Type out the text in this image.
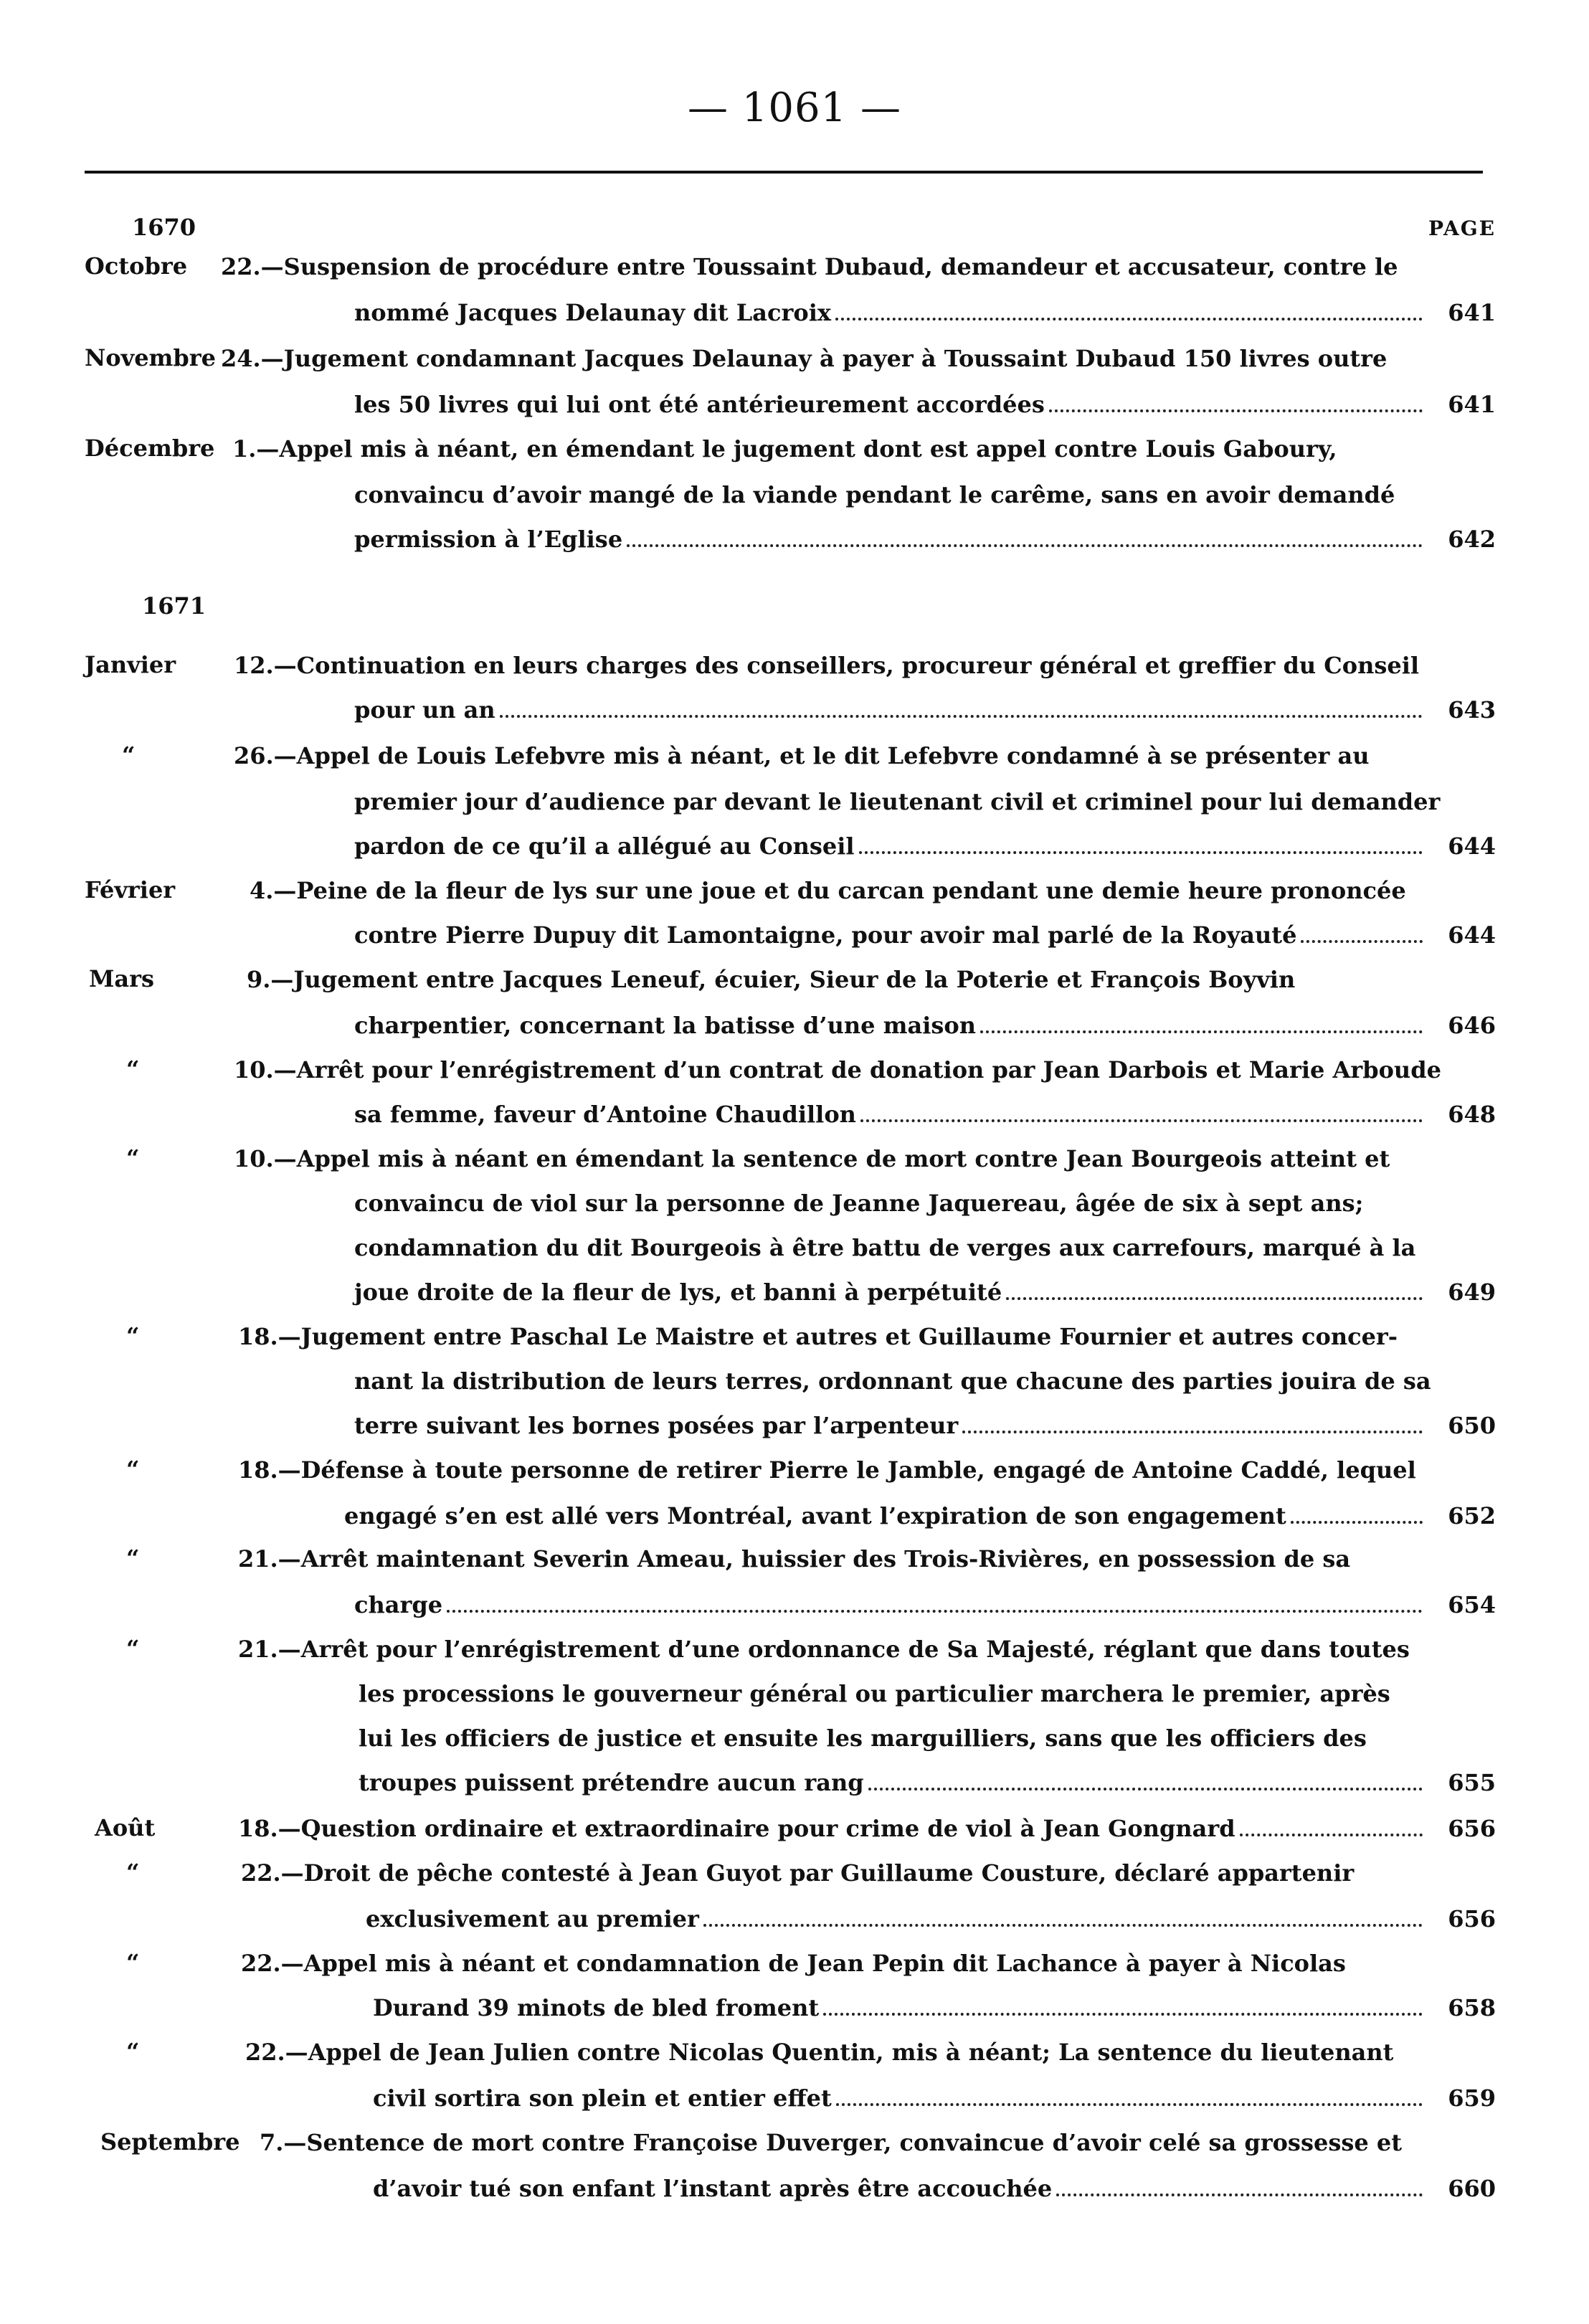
— 1061 —
1670	PAGE
Octobre 22.—Suspension de procédure entre Toussaint Dubaud, demandeur et accusateur, contre le
nommé Jacques Delaunay dit Lacroix	641
Novembre 24.—Jugement condamnant Jacques Delaunay à payer à Toussaint Dubaud 150 livres outre
les 50 livres qui lui ont été antérieurement accordées	641
Décembre 1.—Appel mis à néant, en émendant le jugement dont est appel contre Louis Gaboury,
convaincu d’avoir mangé de la viande pendant le carême, sans en avoir demandé
permission à l’Eglise	642
1671
Janvier	12.—Continuation en leurs charges des conseillers, procureur général et greffier du Conseil
pour un an	643
“	26.—Appel de Louis Lefebvre mis à néant, et le dit Lefebvre condamné à se présenter au
premier jour d’audience par devant le lieutenant civil et criminel pour lui demander
pardon de ce qu’il a allégué au Conseil	644
Février	4.—Peine de la fleur de lys sur une joue et du carcan pendant une demie heure prononcée
contre Pierre Dupuy dit Lamontaigne, pour avoir mal parlé de la Royauté	644
Mars	9.—Jugement entre Jacques Leneuf, écuier, Sieur de la Poterie et François Boyvin
charpentier, concernant la batisse d’une maison	646
“	10.—Arrêt pour l’enrégistrement d’un contrat de donation par Jean Darbois et Marie Arboude
sa femme, faveur d’Antoine Chaudillon	648
“	10.—Appel mis à néant en émendant la sentence de mort contre Jean Bourgeois atteint et
convaincu de viol sur la personne de Jeanne Jaquereau, âgée de six à sept ans;
condamnation du dit Bourgeois à être battu de verges aux carrefours, marqué à la
joue droite de la fleur de lys, et banni à perpétuité	649
“	18.—Jugement entre Paschal Le Maistre et autres et Guillaume Fournier et autres concer-
nant la distribution de leurs terres, ordonnant que chacune des parties jouira de sa
terre suivant les bornes posées par l’arpenteur	650
“	18.—Défense à toute personne de retirer Pierre le Jamble, engagé de Antoine Caddé, lequel
engagé s’en est allé vers Montréal, avant l’expiration de son engagement	652
“	21.—Arrêt maintenant Severin Ameau, huissier des Trois-Rivières, en possession de sa
charge	654
“	21.—Arrêt pour l’enrégistrement d’une ordonnance de Sa Majesté, réglant que dans toutes
les processions le gouverneur général ou particulier marchera le premier, après
lui les officiers de justice et ensuite les marguilliers, sans que les officiers des
troupes puissent prétendre aucun rang	655
Août	18.—Question ordinaire et extraordinaire pour crime de viol à Jean Gongnard	656
“	22.—Droit de pêche contesté à Jean Guyot par Guillaume Cousture, déclaré appartenir
exclusivement au premier	656
“	22.—Appel mis à néant et condamnation de Jean Pepin dit Lachance à payer à Nicolas
Durand 39 minots de bled froment	658
“	22.—Appel de Jean Julien contre Nicolas Quentin, mis à néant; La sentence du lieutenant
civil sortira son plein et entier effet	659
Septembre 7.—Sentence de mort contre Françoise Duverger, convaincue d’avoir celé sa grossesse et
d’avoir tué son enfant l’instant après être accouchée	660
